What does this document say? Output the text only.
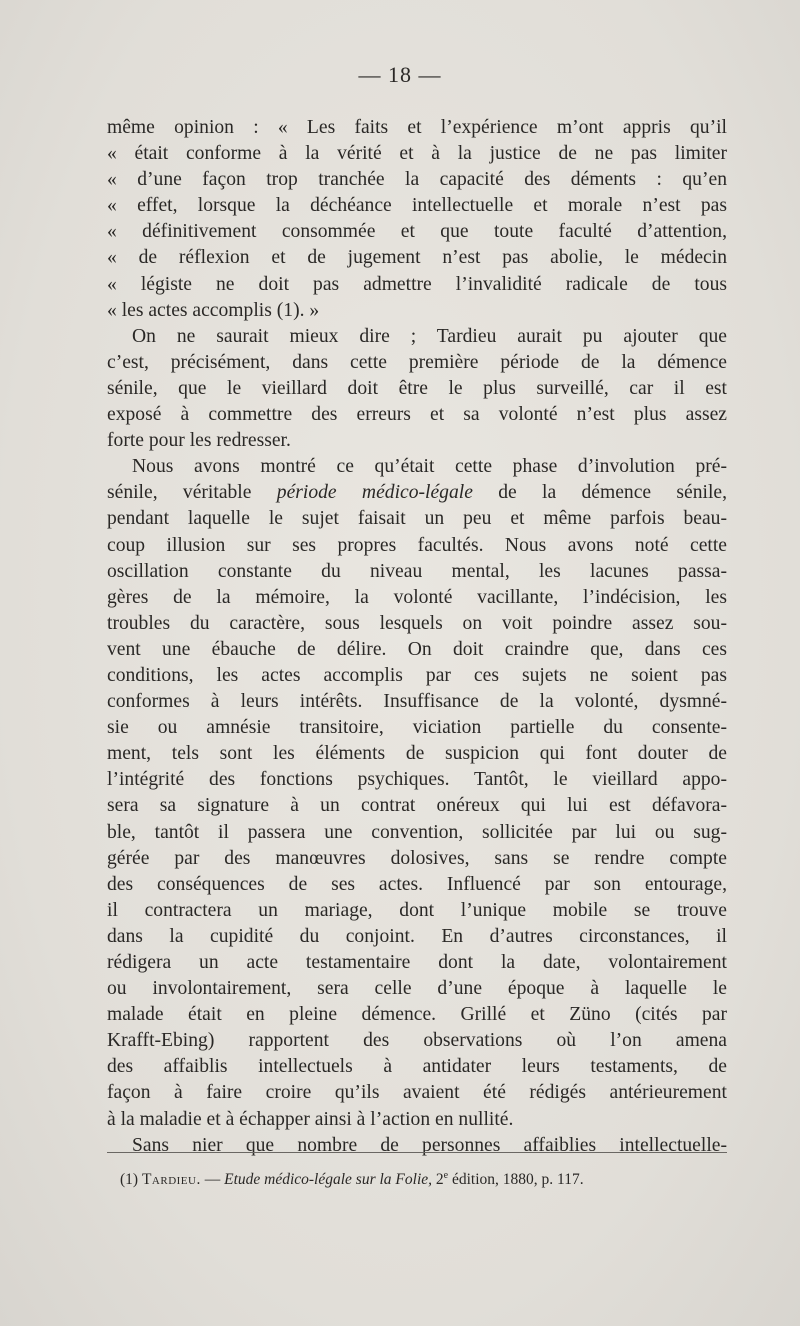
— 18 —
même opinion : « Les faits et l’expérience m’ont appris qu’il
« était conforme à la vérité et à la justice de ne pas limiter
« d’une façon trop tranchée la capacité des déments : qu’en
« effet, lorsque la déchéance intellectuelle et morale n’est pas
« définitivement consommée et que toute faculté d’attention,
« de réflexion et de jugement n’est pas abolie, le médecin
« légiste ne doit pas admettre l’invalidité radicale de tous
« les actes accomplis (1). »
On ne saurait mieux dire ; Tardieu aurait pu ajouter que
c’est, précisément, dans cette première période de la démence
sénile, que le vieillard doit être le plus surveillé, car il est
exposé à commettre des erreurs et sa volonté n’est plus assez
forte pour les redresser.
Nous avons montré ce qu’était cette phase d’involution pré-
sénile, véritable période médico-légale de la démence sénile,
pendant laquelle le sujet faisait un peu et même parfois beau-
coup illusion sur ses propres facultés. Nous avons noté cette
oscillation constante du niveau mental, les lacunes passa-
gères de la mémoire, la volonté vacillante, l’indécision, les
troubles du caractère, sous lesquels on voit poindre assez sou-
vent une ébauche de délire. On doit craindre que, dans ces
conditions, les actes accomplis par ces sujets ne soient pas
conformes à leurs intérêts. Insuffisance de la volonté, dysmné-
sie ou amnésie transitoire, viciation partielle du consente-
ment, tels sont les éléments de suspicion qui font douter de
l’intégrité des fonctions psychiques. Tantôt, le vieillard appo-
sera sa signature à un contrat onéreux qui lui est défavora-
ble, tantôt il passera une convention, sollicitée par lui ou sug-
gérée par des manœuvres dolosives, sans se rendre compte
des conséquences de ses actes. Influencé par son entourage,
il contractera un mariage, dont l’unique mobile se trouve
dans la cupidité du conjoint. En d’autres circonstances, il
rédigera un acte testamentaire dont la date, volontairement
ou involontairement, sera celle d’une époque à laquelle le
malade était en pleine démence. Grillé et Züno (cités par
Krafft-Ebing) rapportent des observations où l’on amena
des affaiblis intellectuels à antidater leurs testaments, de
façon à faire croire qu’ils avaient été rédigés antérieurement
à la maladie et à échapper ainsi à l’action en nullité.
Sans nier que nombre de personnes affaiblies intellectuelle-
(1) Tardieu. — Etude médico-légale sur la Folie, 2e édition, 1880, p. 117.
